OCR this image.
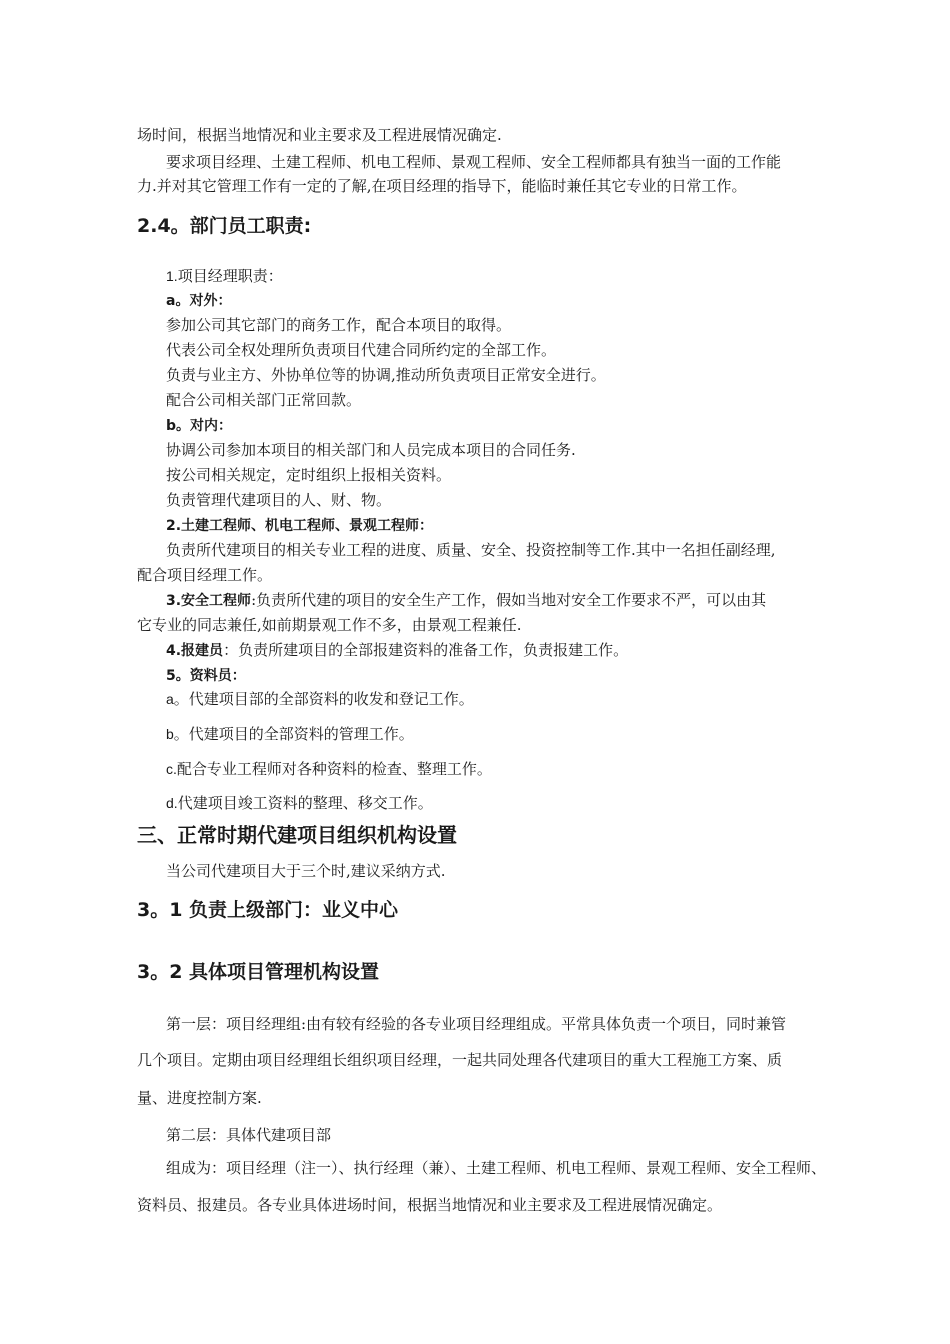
场时间，根据当地情况和业主要求及工程进展情况确定.
要求项目经理、土建工程师、机电工程师、景观工程师、安全工程师都具有独当一面的工作能
力.并对其它管理工作有一定的了解,在项目经理的指导下，能临时兼任其它专业的日常工作。
2.4。部门员工职责:
1.项目经理职责：
a。对外：
参加公司其它部门的商务工作，配合本项目的取得。
代表公司全权处理所负责项目代建合同所约定的全部工作。
负责与业主方、外协单位等的协调,推动所负责项目正常安全进行。
配合公司相关部门正常回款。
b。对内：
协调公司参加本项目的相关部门和人员完成本项目的合同任务.
按公司相关规定，定时组织上报相关资料。
负责管理代建项目的人、财、物。
2.土建工程师、机电工程师、景观工程师：
负责所代建项目的相关专业工程的进度、质量、安全、投资控制等工作.其中一名担任副经理,
配合项目经理工作。
3.安全工程师:负责所代建的项目的安全生产工作，假如当地对安全工作要求不严，可以由其
它专业的同志兼任,如前期景观工作不多，由景观工程兼任.
4.报建员：负责所建项目的全部报建资料的准备工作，负责报建工作。
5。资料员：
a。代建项目部的全部资料的收发和登记工作。
b。代建项目的全部资料的管理工作。
c.配合专业工程师对各种资料的检查、整理工作。
d.代建项目竣工资料的整理、移交工作。
三、正常时期代建项目组织机构设置
当公司代建项目大于三个时,建议采纳方式.
3。1 负责上级部门：业义中心
3。2 具体项目管理机构设置
第一层：项目经理组:由有较有经验的各专业项目经理组成。平常具体负责一个项目，同时兼管
几个项目。定期由项目经理组长组织项目经理，一起共同处理各代建项目的重大工程施工方案、质
量、进度控制方案.
第二层：具体代建项目部
组成为：项目经理（注一）、执行经理（兼）、土建工程师、机电工程师、景观工程师、安全工程师、
资料员、报建员。各专业具体进场时间，根据当地情况和业主要求及工程进展情况确定。
